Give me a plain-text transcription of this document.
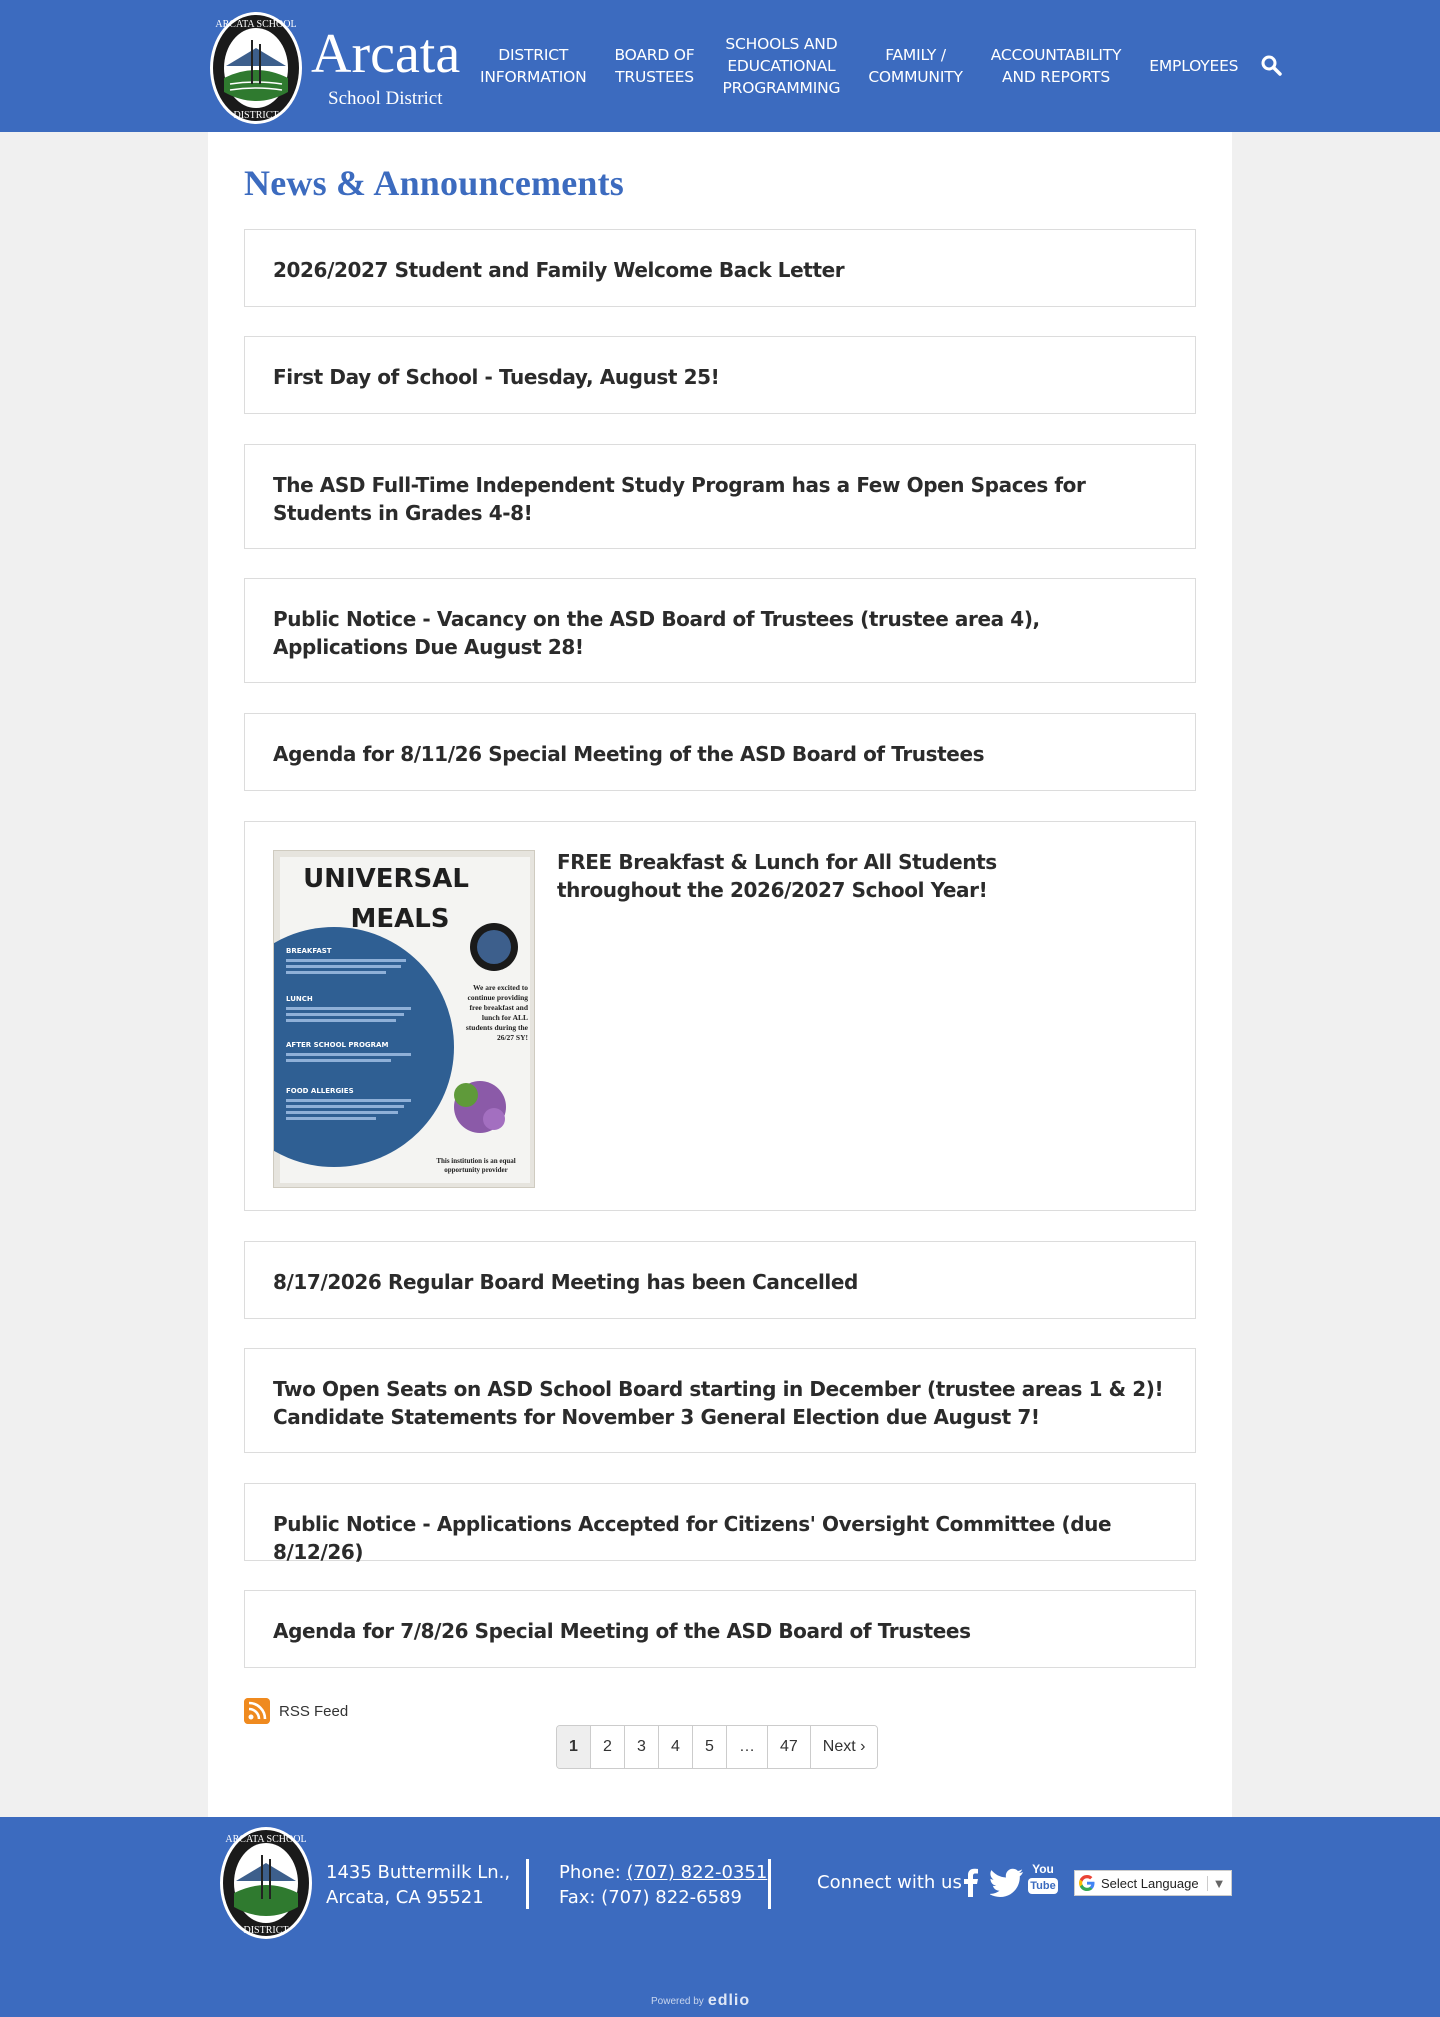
ARCATA SCHOOL
DISTRICT
Arcata
School District
DISTRICT
INFORMATION
BOARD OF
TRUSTEES
SCHOOLS AND
EDUCATIONAL
PROGRAMMING
FAMILY /
COMMUNITY
ACCOUNTABILITY
AND REPORTS
EMPLOYEES
News & Announcements
2026/2027 Student and Family Welcome Back Letter
First Day of School - Tuesday, August 25!
The ASD Full-Time Independent Study Program has a Few Open Spaces for Students in Grades 4-8!
Public Notice - Vacancy on the ASD Board of Trustees (trustee area 4), Applications Due August 28!
Agenda for 8/11/26 Special Meeting of the ASD Board of Trustees
UNIVERSAL
MEALS
BREAKFAST
LUNCH
AFTER SCHOOL PROGRAM
FOOD ALLERGIES
We are excited to continue providing free breakfast and lunch for ALL students during the 26/27 SY!
This institution is an equal opportunity provider
FREE Breakfast & Lunch for All Students throughout the 2026/2027 School Year!
8/17/2026 Regular Board Meeting has been Cancelled
Two Open Seats on ASD School Board starting in December (trustee areas 1 & 2)! Candidate Statements for November 3 General Election due August 7!
Public Notice - Applications Accepted for Citizens' Oversight Committee (due 8/12/26)
Agenda for 7/8/26 Special Meeting of the ASD Board of Trustees
RSS Feed
1	2	3	4	5	…	47	Next ›
ARCATA SCHOOL
DISTRICT
1435 Buttermilk Ln.,
Arcata, CA 95521
Phone: (707) 822-0351
Fax: (707) 822-6589
Connect with us
You
Tube	Select Language	▼
Powered by edlio
